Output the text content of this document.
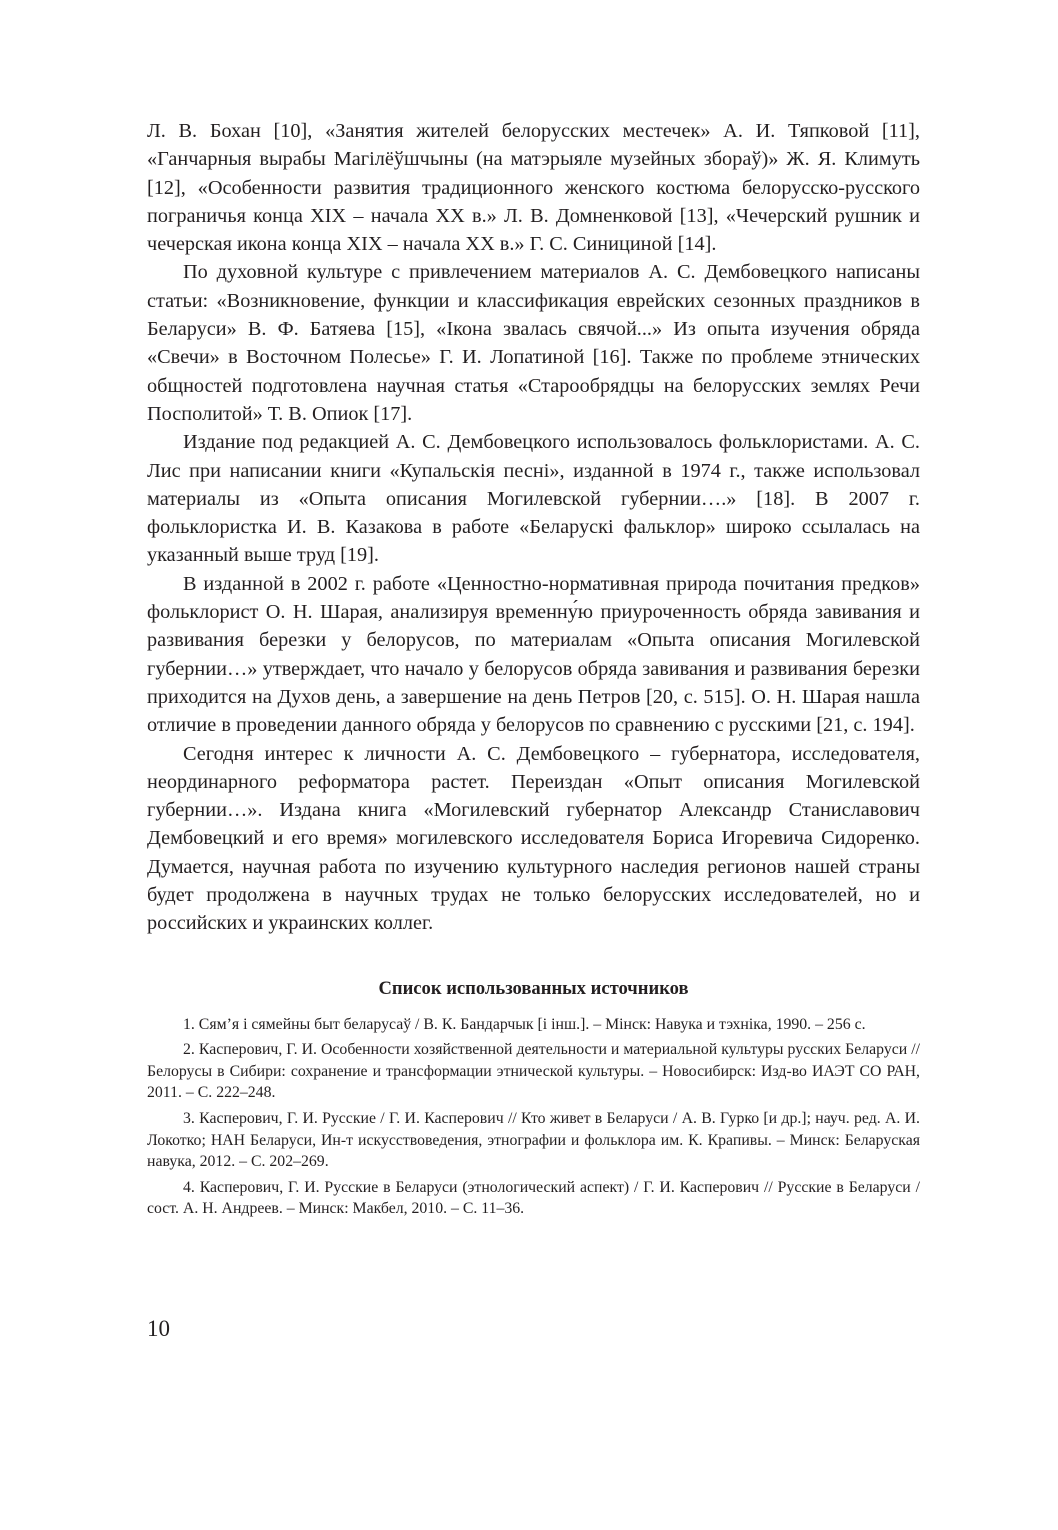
Л. В. Бохан [10], «Занятия жителей белорусских местечек» А. И. Тяпковой [11], «Ганчарныя вырабы Магілёўшчыны (на матэрыяле музейных збораў)» Ж. Я. Климуть [12], «Особенности развития традиционного женского костюма белорусско-русского пограничья конца XIX – начала XX в.» Л. В. Домненковой [13], «Чечерский рушник и чечерская икона конца XIX – начала XX в.» Г. С. Синициной [14].

По духовной культуре с привлечением материалов А. С. Дембовецкого написаны статьи: «Возникновение, функции и классификация еврейских сезонных праздников в Беларуси» В. Ф. Батяева [15], «Ікона звалась свячой...» Из опыта изучения обряда «Свечи» в Восточном Полесье» Г. И. Лопатиной [16]. Также по проблеме этнических общностей подготовлена научная статья «Старообрядцы на белорусских землях Речи Посполитой» Т. В. Опиок [17].

Издание под редакцией А. С. Дембовецкого использовалось фольклористами. А. С. Лис при написании книги «Купальскія песні», изданной в 1974 г., также использовал материалы из «Опыта описания Могилевской губернии….» [18]. В 2007 г. фольклористка И. В. Казакова в работе «Беларускі фальклор» широко ссылалась на указанный выше труд [19].

В изданной в 2002 г. работе «Ценностно-нормативная природа почитания предков» фольклорист О. Н. Шарая, анализируя временну́ю приуроченность обряда завивания и развивания березки у белорусов, по материалам «Опыта описания Могилевской губернии…» утверждает, что начало у белорусов обряда завивания и развивания березки приходится на Духов день, а завершение на день Петров [20, с. 515]. О. Н. Шарая нашла отличие в проведении данного обряда у белорусов по сравнению с русскими [21, с. 194].

Сегодня интерес к личности А. С. Дембовецкого – губернатора, исследователя, неординарного реформатора растет. Переиздан «Опыт описания Могилевской губернии…». Издана книга «Могилевский губернатор Александр Станиславович Дембовецкий и его время» могилевского исследователя Бориса Игоревича Сидоренко. Думается, научная работа по изучению культурного наследия регионов нашей страны будет продолжена в научных трудах не только белорусских исследователей, но и российских и украинских коллег.

Список использованных источников

1. Сям’я і сямейны быт беларусаў / В. К. Бандарчык [і інш.]. – Мінск: Навука и тэхніка, 1990. – 256 с.

2. Касперович, Г. И. Особенности хозяйственной деятельности и материальной культуры русских Беларуси // Белорусы в Сибири: сохранение и трансформации этнической культуры. – Новосибирск: Изд-во ИАЭТ СО РАН, 2011. – С. 222–248.

3. Касперович, Г. И. Русские / Г. И. Касперович // Кто живет в Беларуси / А. В. Гурко [и др.]; науч. ред. А. И. Локотко; НАН Беларуси, Ин-т искусствоведения, этнографии и фольклора им. К. Крапивы. – Минск: Беларуская навука, 2012. – С. 202–269.

4. Касперович, Г. И. Русские в Беларуси (этнологический аспект) / Г. И. Касперович // Русские в Беларуси / сост. А. Н. Андреев. – Минск: Макбел, 2010. – С. 11–36.

10
